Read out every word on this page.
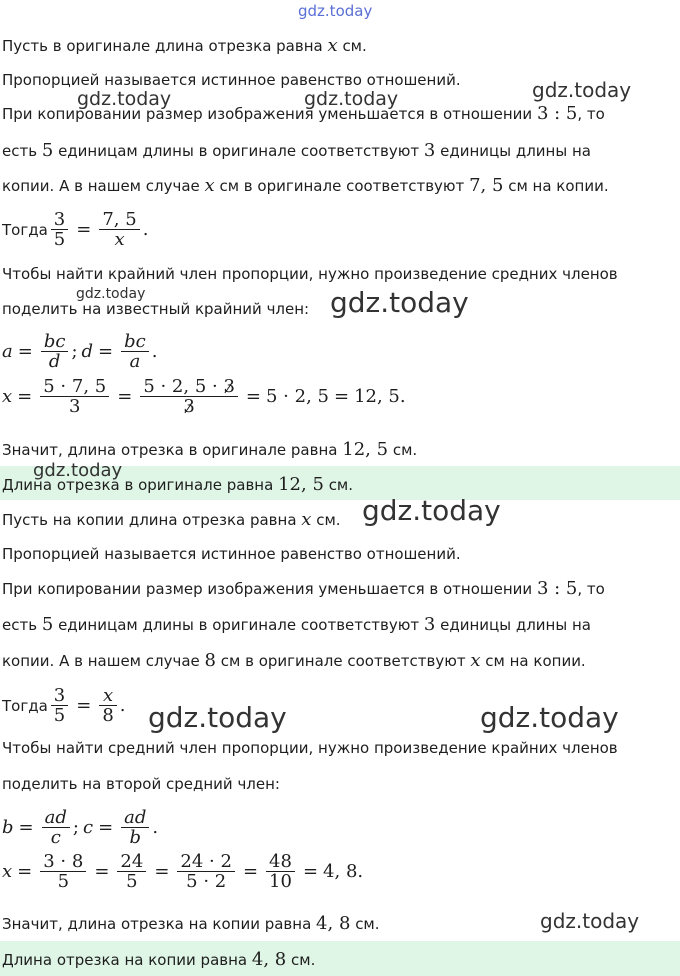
gdz.today
gdz.today
gdz.today	gdz.today
gdz.today	gdz.today
gdz.today
gdz.today
gdz.today	gdz.today
gdz.today
Пусть в оригинале длина отрезка равна x см.
Пропорцией называется истинное равенство отношений.
При копировании размер изображения уменьшается в отношении 3 : 5, то
есть 5 единицам длины в оригинале соответствуют 3 единицы длины на
копии. А в нашем случае x см в оригинале соответствуют 7, 5 см на копии.
Тогда $\frac{3}{5} = \frac{7, 5}{x}$ .
Чтобы найти крайний член пропорции, нужно произведение средних членов
поделить на известный крайний член:
$a = \frac{bc}{d}$ ; $d = \frac{bc}{a}$ .
$x = \frac{5 \cdot 7, 5}{3} = \frac{5 \cdot 2, 5 \cdot 3}{3} = 5 \cdot 2$, 5 = 12, 5.
Значит, длина отрезка в оригинале равна 12, 5 см.
Длина отрезка в оригинале равна 12, 5 см.
Пусть на копии длина отрезка равна x см.
Пропорцией называется истинное равенство отношений.
При копировании размер изображения уменьшается в отношении 3 : 5, то
есть 5 единицам длины в оригинале соответствуют 3 единицы длины на
копии. А в нашем случае 8 см в оригинале соответствуют x см на копии.
Тогда $\frac{3}{5} = \frac{x}{8}$ .
Чтобы найти средний член пропорции, нужно произведение крайних членов
поделить на второй средний член:
$b = \frac{ad}{c}$ ; $c = \frac{ad}{b}$ .
$x = \frac{3 \cdot 8}{5} = \frac{24}{5} = \frac{24 \cdot 2}{5 \cdot 2} = \frac{48}{10} = 4$, 8.
Значит, длина отрезка на копии равна 4, 8 см.
Длина отрезка на копии равна 4, 8 см.
